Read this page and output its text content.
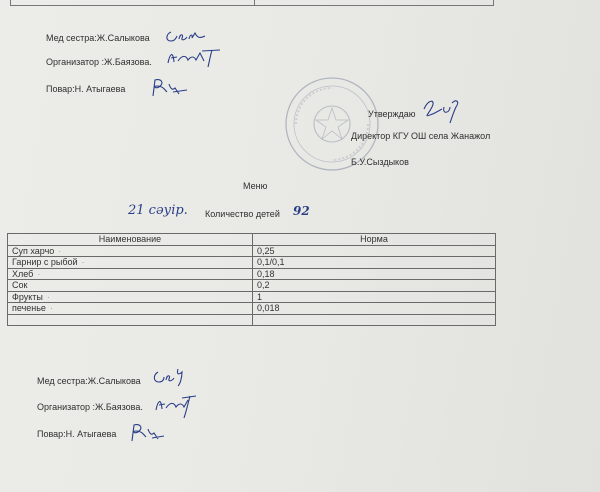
Мед сестра:Ж.Салыкова
Организатор :Ж.Баязова.
Повар:Н. Атыгаева
Утверждаю
Директор КГУ ОШ села Жанажол
Б.У.Сыздыков
Меню
21 сәуір. Количество детей 92
Наименование	Норма
Суп харчо ·	0,25
Гарнир с рыбой ·	0,1/0,1
Хлеб ·	0,18
Сок	0,2
Фрукты ·	1
печенье ·	0,018

Мед сестра:Ж.Салыкова
Организатор :Ж.Баязова.
Повар:Н. Атыгаева
